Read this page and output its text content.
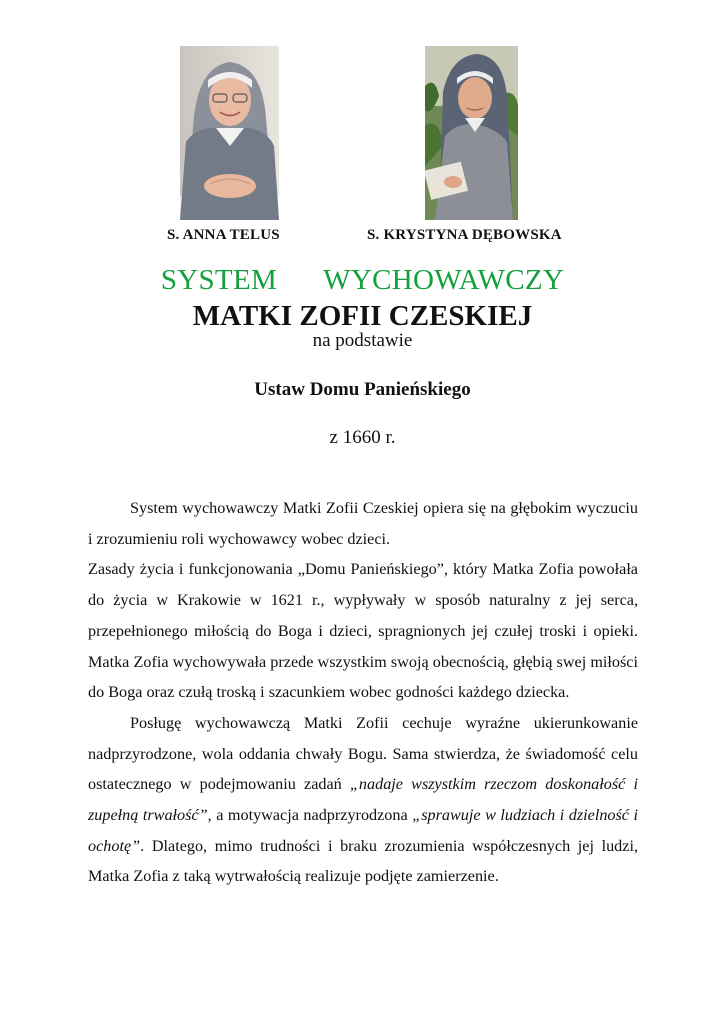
S. ANNA TELUS	S. KRYSTYNA DĘBOWSKA
SYSTEM   WYCHOWAWCZY
MATKI ZOFII CZESKIEJ
na podstawie
Ustaw Domu Panieńskiego
z 1660 r.

System wychowawczy Matki Zofii Czeskiej opiera się na głębokim wyczuciu i zrozumieniu roli wychowawcy wobec dzieci.

Zasady życia i funkcjonowania „Domu Panieńskiego”, który Matka Zofia powołała do życia w Krakowie w 1621 r., wypływały w sposób naturalny z jej serca, przepełnionego miłością do Boga i dzieci, spragnionych jej czułej troski i opieki. Matka Zofia wychowywała przede wszystkim swoją obecnością, głębią swej miłości do Boga oraz czułą troską i szacunkiem wobec godności każdego dziecka.

Posługę wychowawczą Matki Zofii cechuje wyraźne ukierunkowanie nadprzyrodzone, wola oddania chwały Bogu. Sama stwierdza, że świadomość celu ostatecznego w podejmowaniu zadań „nadaje wszystkim rzeczom doskonałość i zupełną trwałość”, a motywacja nadprzyrodzona „sprawuje w ludziach i dzielność i ochotę”. Dlatego, mimo trudności i braku zrozumienia współczesnych jej ludzi, Matka Zofia z taką wytrwałością realizuje podjęte zamierzenie.
